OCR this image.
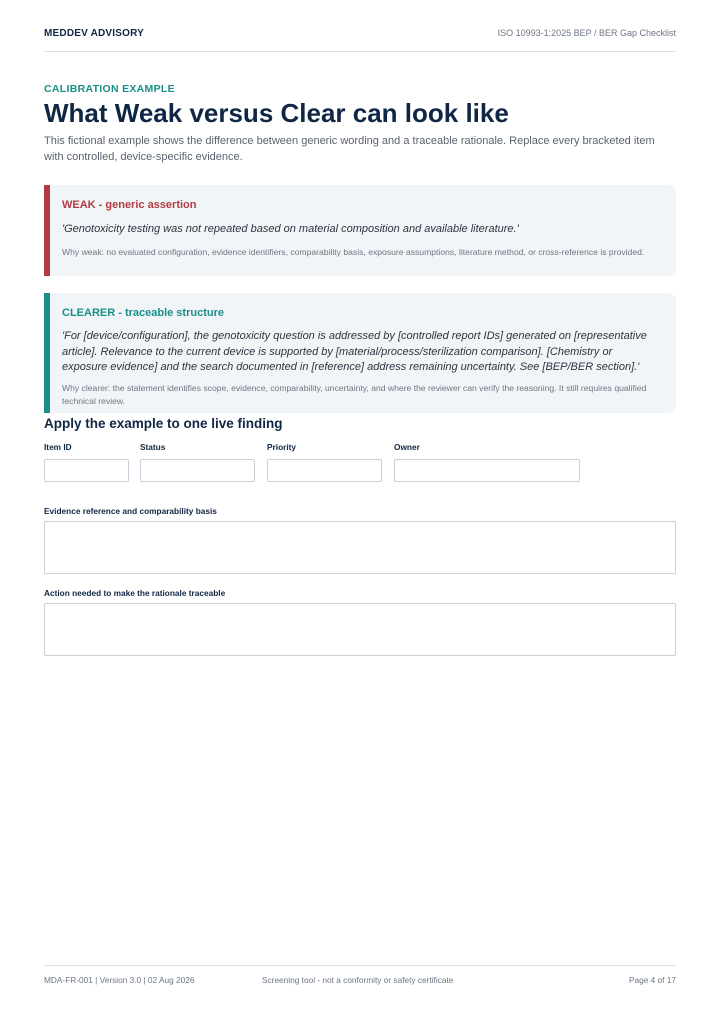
MEDDEV ADVISORY	ISO 10993-1:2025 BEP / BER Gap Checklist
CALIBRATION EXAMPLE
What Weak versus Clear can look like

This fictional example shows the difference between generic wording and a traceable rationale. Replace every bracketed item with controlled, device-specific evidence.

WEAK - generic assertion

'Genotoxicity testing was not repeated based on material composition and available literature.'

Why weak: no evaluated configuration, evidence identifiers, comparability basis, exposure assumptions, literature method, or cross-reference is provided.

CLEARER - traceable structure

'For [device/configuration], the genotoxicity question is addressed by [controlled report IDs] generated on [representative article]. Relevance to the current device is supported by [material/process/sterilization comparison]. [Chemistry or exposure evidence] and the search documented in [reference] address remaining uncertainty. See [BEP/BER section].'

Why clearer: the statement identifies scope, evidence, comparability, uncertainty, and where the reviewer can verify the reasoning. It still requires qualified technical review.

Apply the example to one live finding
Item ID	Status	Priority	Owner
Evidence reference and comparability basis
Action needed to make the rationale traceable
MDA-FR-001 | Version 3.0 | 02 Aug 2026	Screening tool - not a conformity or safety certificate	Page 4 of 17
